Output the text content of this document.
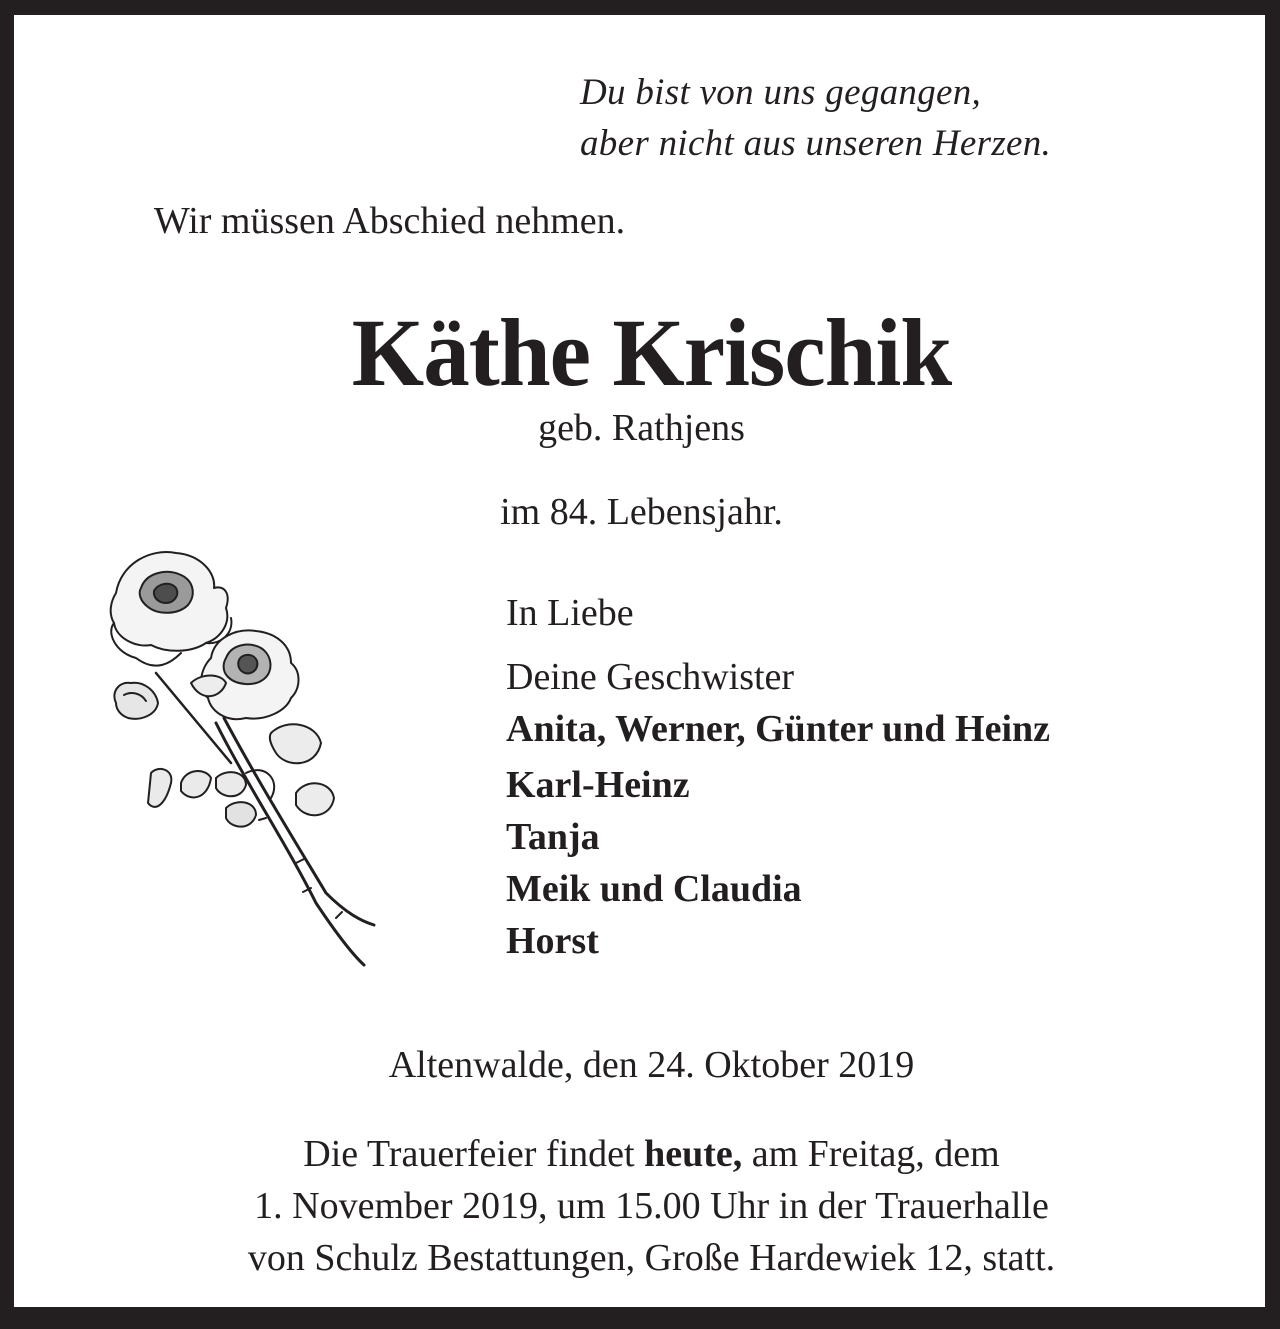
Du bist von uns gegangen,
aber nicht aus unseren Herzen.
Wir müssen Abschied nehmen.
Käthe Krischik
geb. Rathjens
im 84. Lebensjahr.
In Liebe
Deine Geschwister
Anita, Werner, Günter und Heinz
Karl-Heinz
Tanja
Meik und Claudia
Horst
Altenwalde, den 24. Oktober 2019
Die Trauerfeier findet heute, am Freitag, dem
1. November 2019, um 15.00 Uhr in der Trauerhalle
von Schulz Bestattungen, Große Hardewiek 12, statt.
